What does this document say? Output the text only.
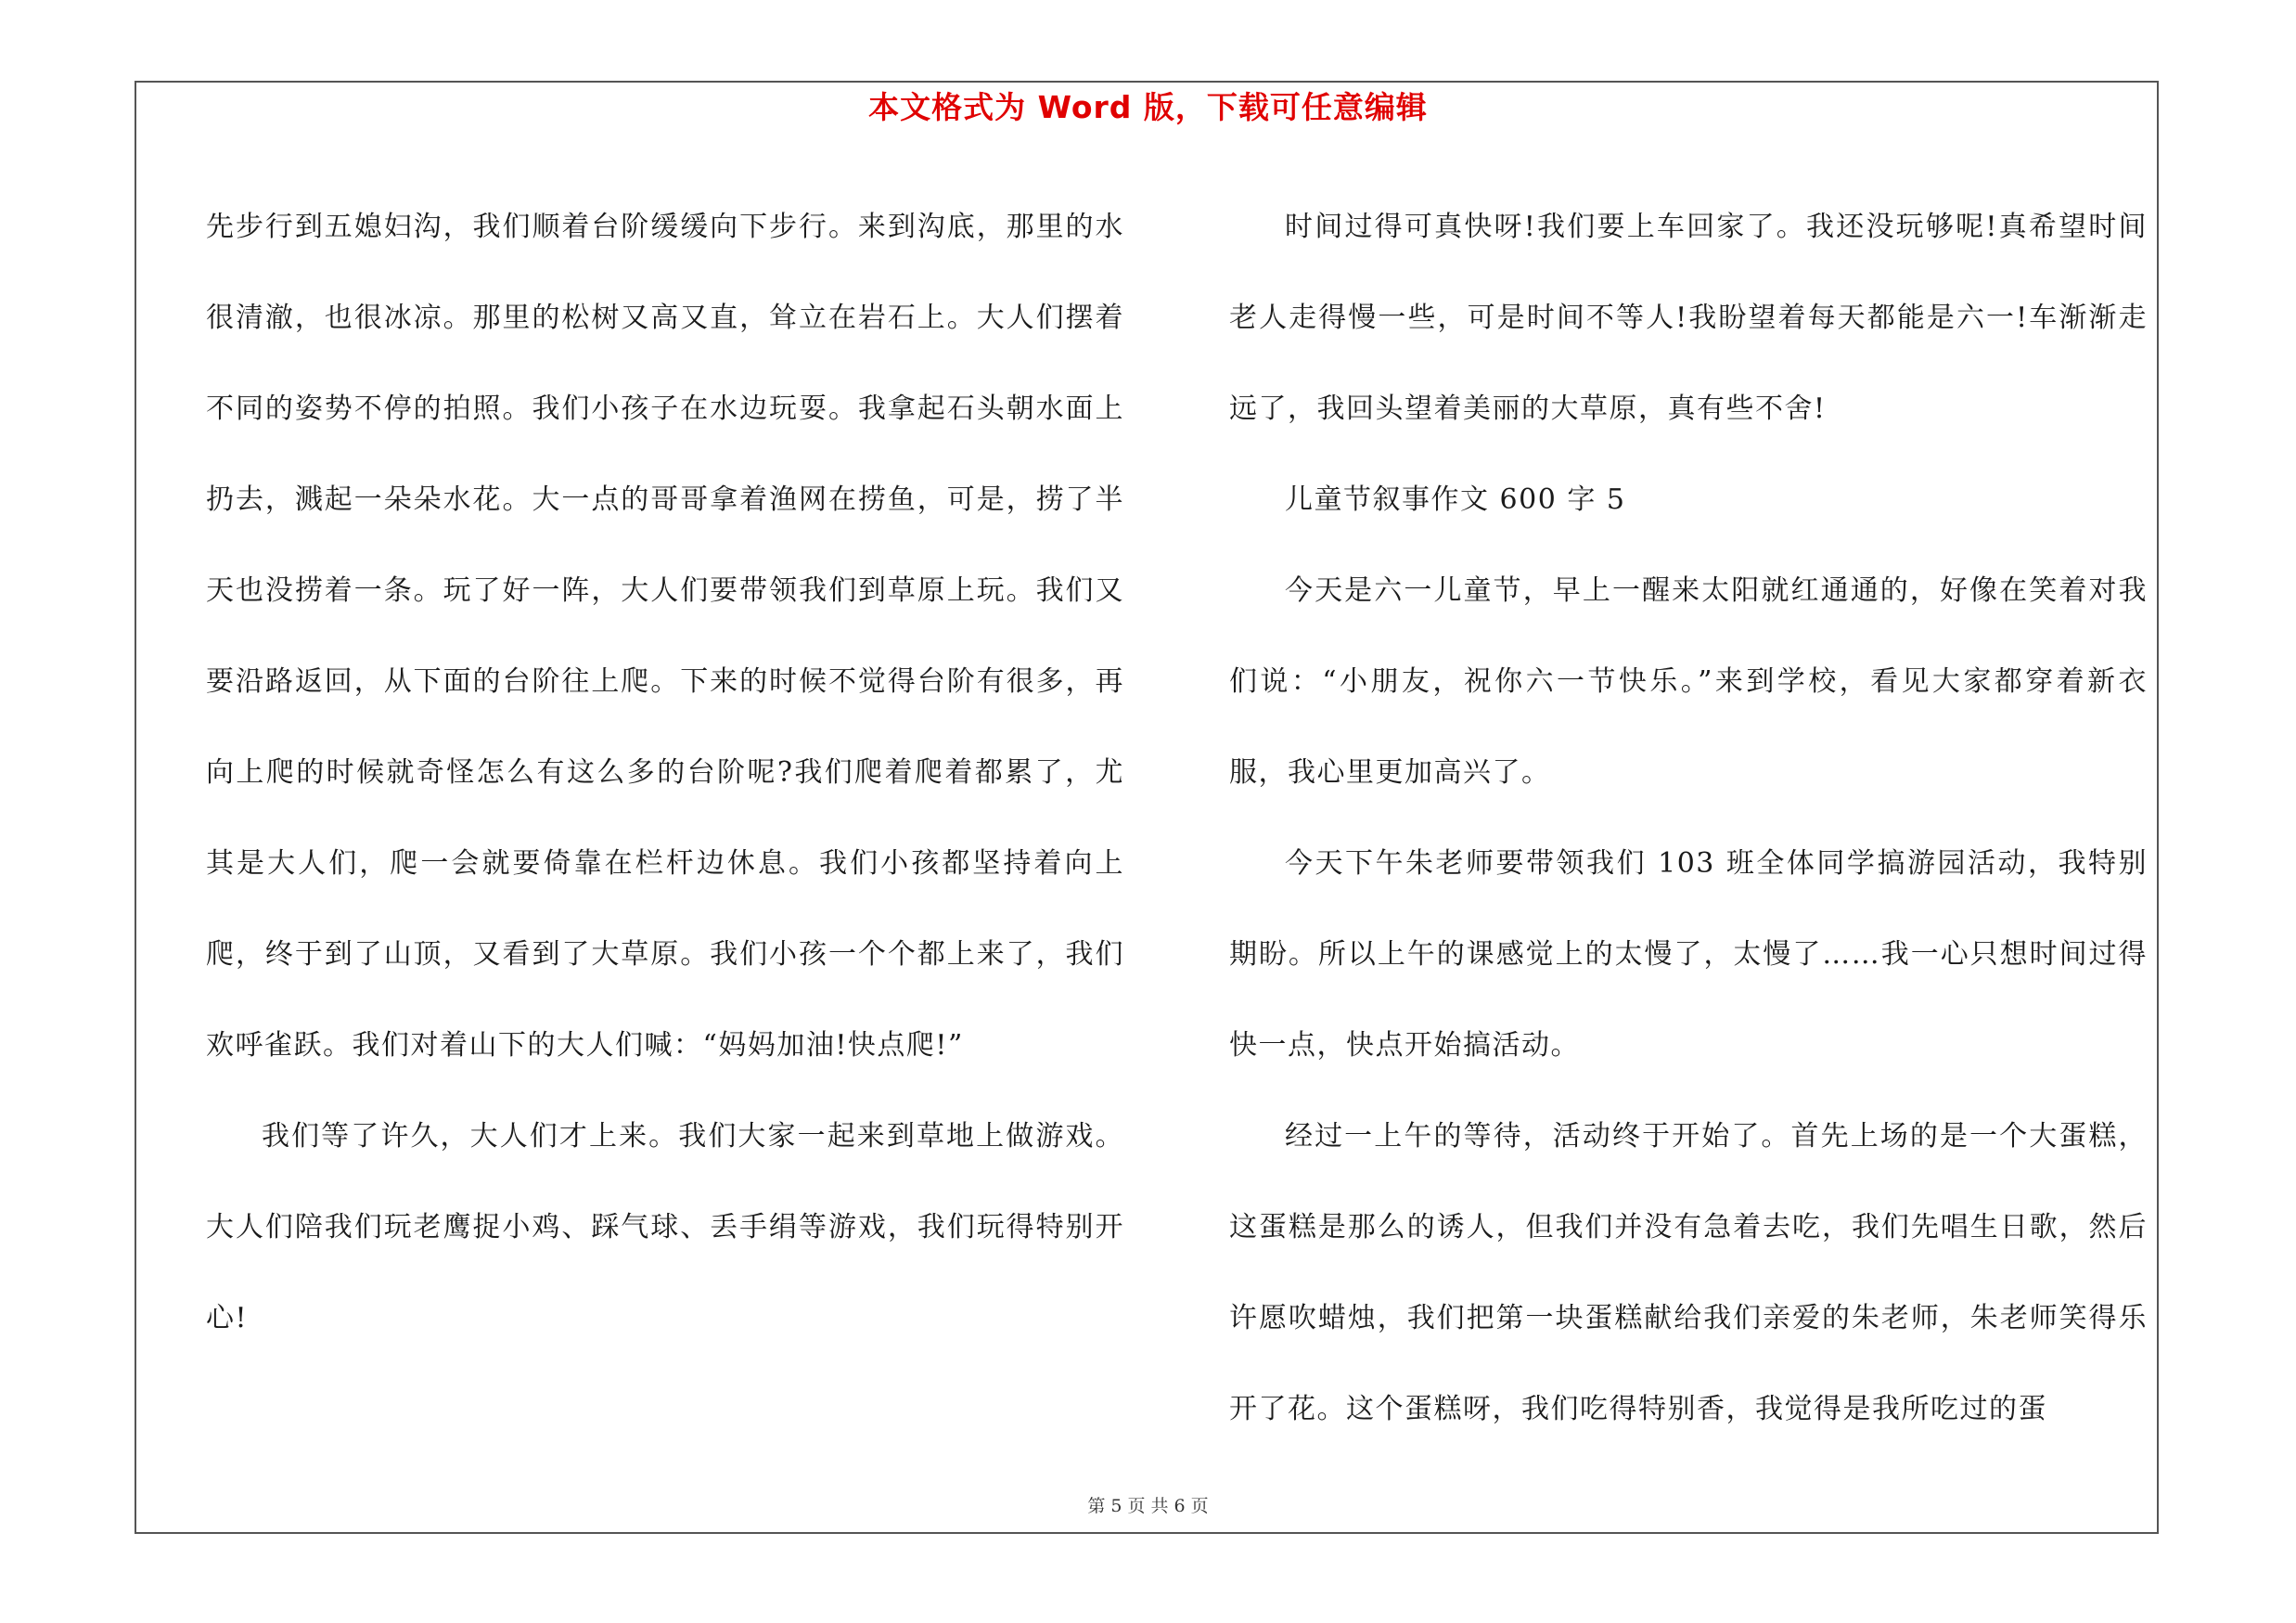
本文格式为 Word 版，下载可任意编辑

先步行到五媳妇沟，我们顺着台阶缓缓向下步行。来到沟底，那里的水很清澈，也很冰凉。那里的松树又高又直，耸立在岩石上。大人们摆着不同的姿势不停的拍照。我们小孩子在水边玩耍。我拿起石头朝水面上扔去，溅起一朵朵水花。大一点的哥哥拿着渔网在捞鱼，可是，捞了半天也没捞着一条。玩了好一阵，大人们要带领我们到草原上玩。我们又要沿路返回，从下面的台阶往上爬。下来的时候不觉得台阶有很多，再向上爬的时候就奇怪怎么有这么多的台阶呢?我们爬着爬着都累了，尤其是大人们，爬一会就要倚靠在栏杆边休息。我们小孩都坚持着向上爬，终于到了山顶，又看到了大草原。我们小孩一个个都上来了，我们欢呼雀跃。我们对着山下的大人们喊：“妈妈加油!快点爬!”

我们等了许久，大人们才上来。我们大家一起来到草地上做游戏。大人们陪我们玩老鹰捉小鸡、踩气球、丢手绢等游戏，我们玩得特别开心!

时间过得可真快呀!我们要上车回家了。我还没玩够呢!真希望时间老人走得慢一些，可是时间不等人!我盼望着每天都能是六一!车渐渐走远了，我回头望着美丽的大草原，真有些不舍!

儿童节叙事作文 600 字 5

今天是六一儿童节，早上一醒来太阳就红通通的，好像在笑着对我们说：“小朋友，祝你六一节快乐。”来到学校，看见大家都穿着新衣服，我心里更加高兴了。

今天下午朱老师要带领我们 103 班全体同学搞游园活动，我特别期盼。所以上午的课感觉上的太慢了，太慢了……我一心只想时间过得快一点，快点开始搞活动。

经过一上午的等待，活动终于开始了。首先上场的是一个大蛋糕，这蛋糕是那么的诱人，但我们并没有急着去吃，我们先唱生日歌，然后许愿吹蜡烛，我们把第一块蛋糕献给我们亲爱的朱老师，朱老师笑得乐开了花。这个蛋糕呀，我们吃得特别香，我觉得是我所吃过的蛋

第 5 页 共 6 页
